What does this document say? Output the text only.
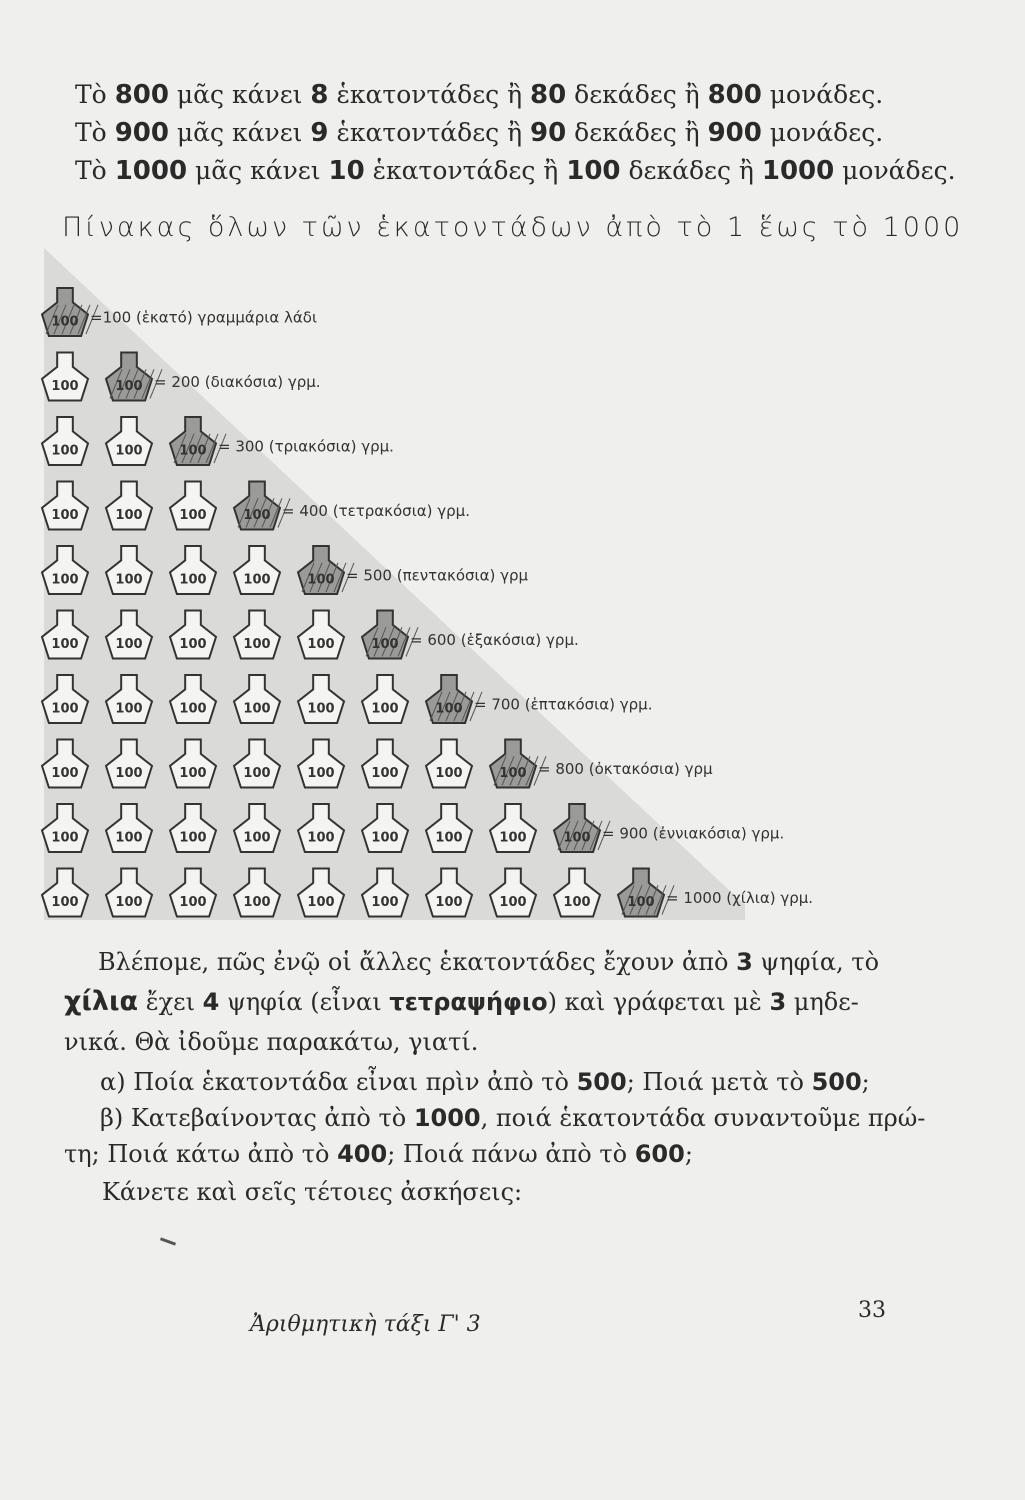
Τὸ 800 μᾶς κάνει 8 ἑκατοντάδες ἢ 80 δεκάδες ἢ 800 μονάδες.
Τὸ 900 μᾶς κάνει 9 ἑκατοντάδες ἢ 90 δεκάδες ἢ 900 μονάδες.
Τὸ 1000 μᾶς κάνει 10 ἑκατοντάδες ἢ 100 δεκάδες ἢ 1000 μονάδες.
Πίνακας ὅλων τῶν ἑκατοντάδων ἀπὸ τὸ 1 ἕως τὸ 1000
100 =100 (ἑκατό) γραμμάρια λάδι
100	100 = 200 (διακόσια) γρμ.
100	100	100 = 300 (τριακόσια) γρμ.
100	100	100	100 = 400 (τετρακόσια) γρμ.
100	100	100	100	100 = 500 (πεντακόσια) γρμ
100	100	100	100	100	100 = 600 (ἑξακόσια) γρμ.
100	100	100	100	100	100	100 = 700 (ἑπτακόσια) γρμ.
100	100	100	100	100	100	100	100 = 800 (ὀκτακόσια) γρμ
100	100	100	100	100	100	100	100	100 = 900 (ἐννιακόσια) γρμ.
100	100	100	100	100	100	100	100	100	100 = 1000 (χίλια) γρμ.
Βλέπομε, πῶς ἐνῷ οἱ ἄλλες ἑκατοντάδες ἔχουν ἀπὸ 3 ψηφία, τὸ
χίλια ἔχει 4 ψηφία (εἶναι τετραψήφιο) καὶ γράφεται μὲ 3 μηδε-
νικά. Θὰ ἰδοῦμε παρακάτω, γιατί.
α) Ποία ἑκατοντάδα εἶναι πρὶν ἀπὸ τὸ 500; Ποιά μετὰ τὸ 500;
β) Κατεβαίνοντας ἀπὸ τὸ 1000, ποιά ἑκατοντάδα συναντοῦμε πρώ-
τη; Ποιά κάτω ἀπὸ τὸ 400; Ποιά πάνω ἀπὸ τὸ 600;
Κάνετε καὶ σεῖς τέτοιες ἀσκήσεις:
Ἀριθμητικὴ τάξι Γ' 3
33
